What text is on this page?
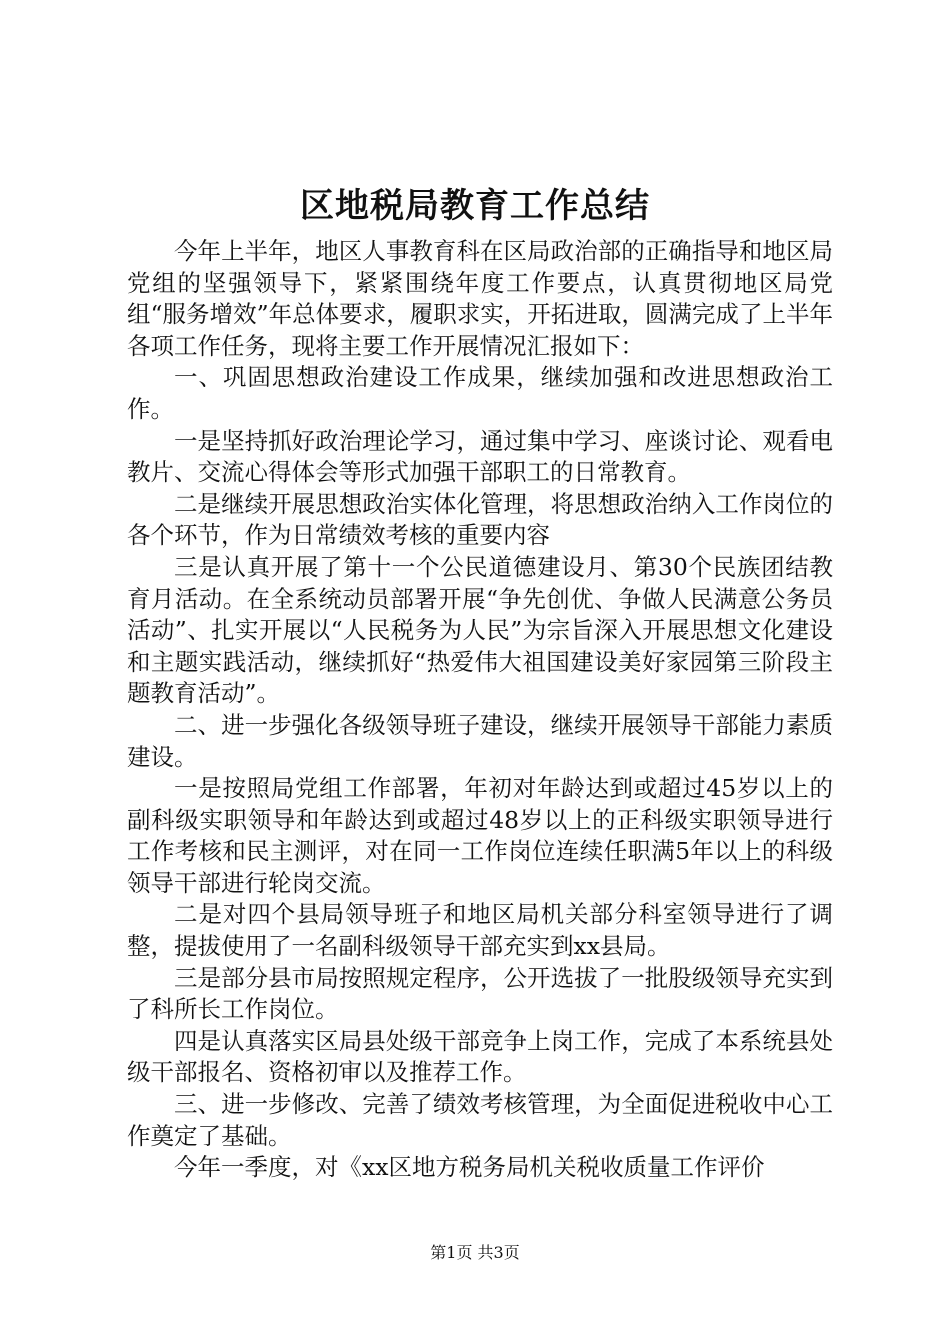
区地税局教育工作总结

今年上半年，地区人事教育科在区局政治部的正确指导和地区局党组的坚强领导下，紧紧围绕年度工作要点，认真贯彻地区局党组“服务增效”年总体要求，履职求实，开拓进取，圆满完成了上半年各项工作任务，现将主要工作开展情况汇报如下：

一、巩固思想政治建设工作成果，继续加强和改进思想政治工作。

一是坚持抓好政治理论学习，通过集中学习、座谈讨论、观看电教片、交流心得体会等形式加强干部职工的日常教育。

二是继续开展思想政治实体化管理，将思想政治纳入工作岗位的各个环节，作为日常绩效考核的重要内容

三是认真开展了第十一个公民道德建设月、第30个民族团结教育月活动。在全系统动员部署开展“争先创优、争做人民满意公务员活动”、扎实开展以“人民税务为人民”为宗旨深入开展思想文化建设和主题实践活动，继续抓好“热爱伟大祖国建设美好家园第三阶段主题教育活动”。

二、进一步强化各级领导班子建设，继续开展领导干部能力素质建设。

一是按照局党组工作部署，年初对年龄达到或超过45岁以上的副科级实职领导和年龄达到或超过48岁以上的正科级实职领导进行工作考核和民主测评，对在同一工作岗位连续任职满5年以上的科级领导干部进行轮岗交流。

二是对四个县局领导班子和地区局机关部分科室领导进行了调整，提拔使用了一名副科级领导干部充实到xx县局。

三是部分县市局按照规定程序，公开选拔了一批股级领导充实到了科所长工作岗位。

四是认真落实区局县处级干部竞争上岗工作，完成了本系统县处级干部报名、资格初审以及推荐工作。

三、进一步修改、完善了绩效考核管理，为全面促进税收中心工作奠定了基础。

今年一季度，对《xx区地方税务局机关税收质量工作评价

第1页 共3页
